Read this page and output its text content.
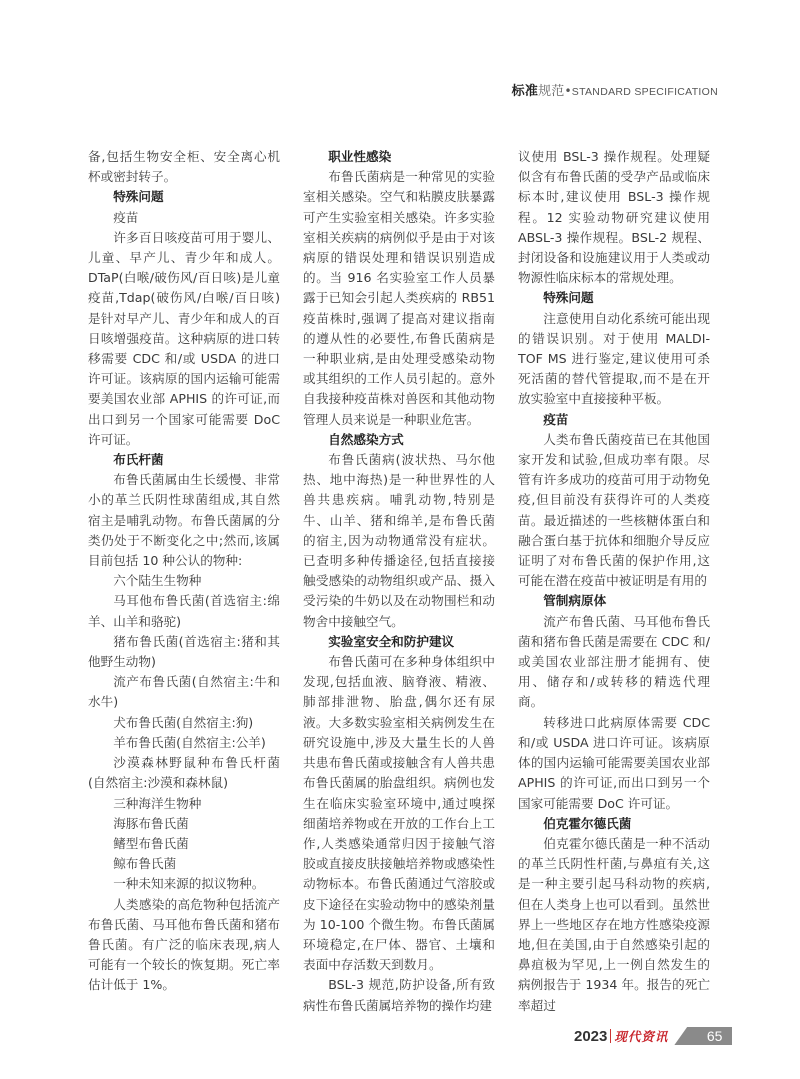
标准规范•STANDARD SPECIFICATION

备,包括生物安全柜、安全离心机杯或密封转子。

特殊问题

疫苗

许多百日咳疫苗可用于婴儿、儿童、早产儿、青少年和成人。DTaP(白喉/破伤风/百日咳)是儿童疫苗,Tdap(破伤风/白喉/百日咳)是针对早产儿、青少年和成人的百日咳增强疫苗。这种病原的进口转移需要 CDC 和/或 USDA 的进口许可证。该病原的国内运输可能需要美国农业部 APHIS 的许可证,而出口到另一个国家可能需要 DoC 许可证。

布氏杆菌

布鲁氏菌属由生长缓慢、非常小的革兰氏阴性球菌组成,其自然宿主是哺乳动物。布鲁氏菌属的分类仍处于不断变化之中;然而,该属目前包括 10 种公认的物种:

六个陆生生物种

马耳他布鲁氏菌(首选宿主:绵羊、山羊和骆驼)

猪布鲁氏菌(首选宿主:猪和其他野生动物)

流产布鲁氏菌(自然宿主:牛和水牛)

犬布鲁氏菌(自然宿主:狗)

羊布鲁氏菌(自然宿主:公羊)

沙漠森林野鼠种布鲁氏杆菌(自然宿主:沙漠和森林鼠)

三种海洋生物种

海豚布鲁氏菌

鳍型布鲁氏菌

鲸布鲁氏菌

一种未知来源的拟议物种。

人类感染的高危物种包括流产布鲁氏菌、马耳他布鲁氏菌和猪布鲁氏菌。有广泛的临床表现,病人可能有一个较长的恢复期。死亡率估计低于 1%。

职业性感染

布鲁氏菌病是一种常见的实验室相关感染。空气和粘膜皮肤暴露可产生实验室相关感染。许多实验室相关疾病的病例似乎是由于对该病原的错误处理和错误识别造成的。当 916 名实验室工作人员暴露于已知会引起人类疾病的 RB51 疫苗株时,强调了提高对建议指南的遵从性的必要性,布鲁氏菌病是一种职业病,是由处理受感染动物或其组织的工作人员引起的。意外自我接种疫苗株对兽医和其他动物管理人员来说是一种职业危害。

自然感染方式

布鲁氏菌病(波状热、马尔他热、地中海热)是一种世界性的人兽共患疾病。哺乳动物,特别是牛、山羊、猪和绵羊,是布鲁氏菌的宿主,因为动物通常没有症状。已查明多种传播途径,包括直接接触受感染的动物组织或产品、摄入受污染的牛奶以及在动物围栏和动物舍中接触空气。

实验室安全和防护建议

布鲁氏菌可在多种身体组织中发现,包括血液、脑脊液、精液、肺部排泄物、胎盘,偶尔还有尿液。大多数实验室相关病例发生在研究设施中,涉及大量生长的人兽共患布鲁氏菌或接触含有人兽共患布鲁氏菌属的胎盘组织。病例也发生在临床实验室环境中,通过嗅探细菌培养物或在开放的工作台上工作,人类感染通常归因于接触气溶胶或直接皮肤接触培养物或感染性动物标本。布鲁氏菌通过气溶胶或皮下途径在实验动物中的感染剂量为 10-100 个微生物。布鲁氏菌属环境稳定,在尸体、器官、土壤和表面中存活数天到数月。

BSL-3 规范,防护设备,所有致病性布鲁氏菌属培养物的操作均建

议使用 BSL-3 操作规程。处理疑似含有布鲁氏菌的受孕产品或临床标本时,建议使用 BSL-3 操作规程。12 实验动物研究建议使用 ABSL-3 操作规程。BSL-2 规程、封闭设备和设施建议用于人类或动物源性临床标本的常规处理。

特殊问题

注意使用自动化系统可能出现的错误识别。对于使用 MALDI-TOF MS 进行鉴定,建议使用可杀死活菌的替代管提取,而不是在开放实验室中直接接种平板。

疫苗

人类布鲁氏菌疫苗已在其他国家开发和试验,但成功率有限。尽管有许多成功的疫苗可用于动物免疫,但目前没有获得许可的人类疫苗。最近描述的一些核糖体蛋白和融合蛋白基于抗体和细胞介导反应证明了对布鲁氏菌的保护作用,这可能在潜在疫苗中被证明是有用的

管制病原体

流产布鲁氏菌、马耳他布鲁氏菌和猪布鲁氏菌是需要在 CDC 和/或美国农业部注册才能拥有、使用、储存和/或转移的精选代理商。

转移进口此病原体需要 CDC 和/或 USDA 进口许可证。该病原体的国内运输可能需要美国农业部 APHIS 的许可证,而出口到另一个国家可能需要 DoC 许可证。

伯克霍尔德氏菌

伯克霍尔德氏菌是一种不活动的革兰氏阴性杆菌,与鼻疽有关,这是一种主要引起马科动物的疾病,但在人类身上也可以看到。虽然世界上一些地区存在地方性感染疫源地,但在美国,由于自然感染引起的鼻疽极为罕见,上一例自然发生的病例报告于 1934 年。报告的死亡率超过

2023 现代资讯	65
